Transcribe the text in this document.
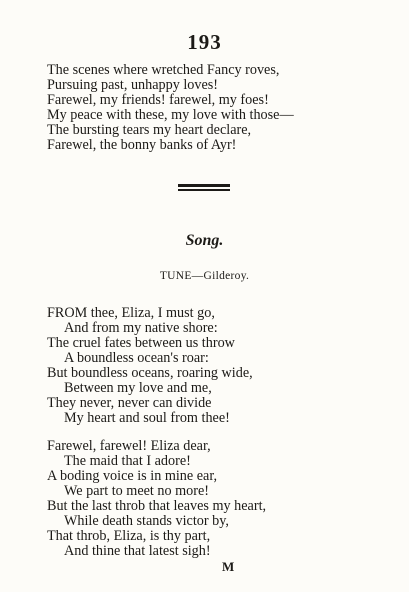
193
The scenes where wretched Fancy roves,
Pursuing past, unhappy loves!
Farewel, my friends! farewel, my foes!
My peace with these, my love with those—
The bursting tears my heart declare,
Farewel, the bonny banks of Ayr!
Song.
TUNE—Gilderoy.
FROM thee, Eliza, I must go,
And from my native shore:
The cruel fates between us throw
A boundless ocean's roar:
But boundless oceans, roaring wide,
Between my love and me,
They never, never can divide
My heart and soul from thee!
Farewel, farewel! Eliza dear,
The maid that I adore!
A boding voice is in mine ear,
We part to meet no more!
But the last throb that leaves my heart,
While death stands victor by,
That throb, Eliza, is thy part,
And thine that latest sigh!
M
